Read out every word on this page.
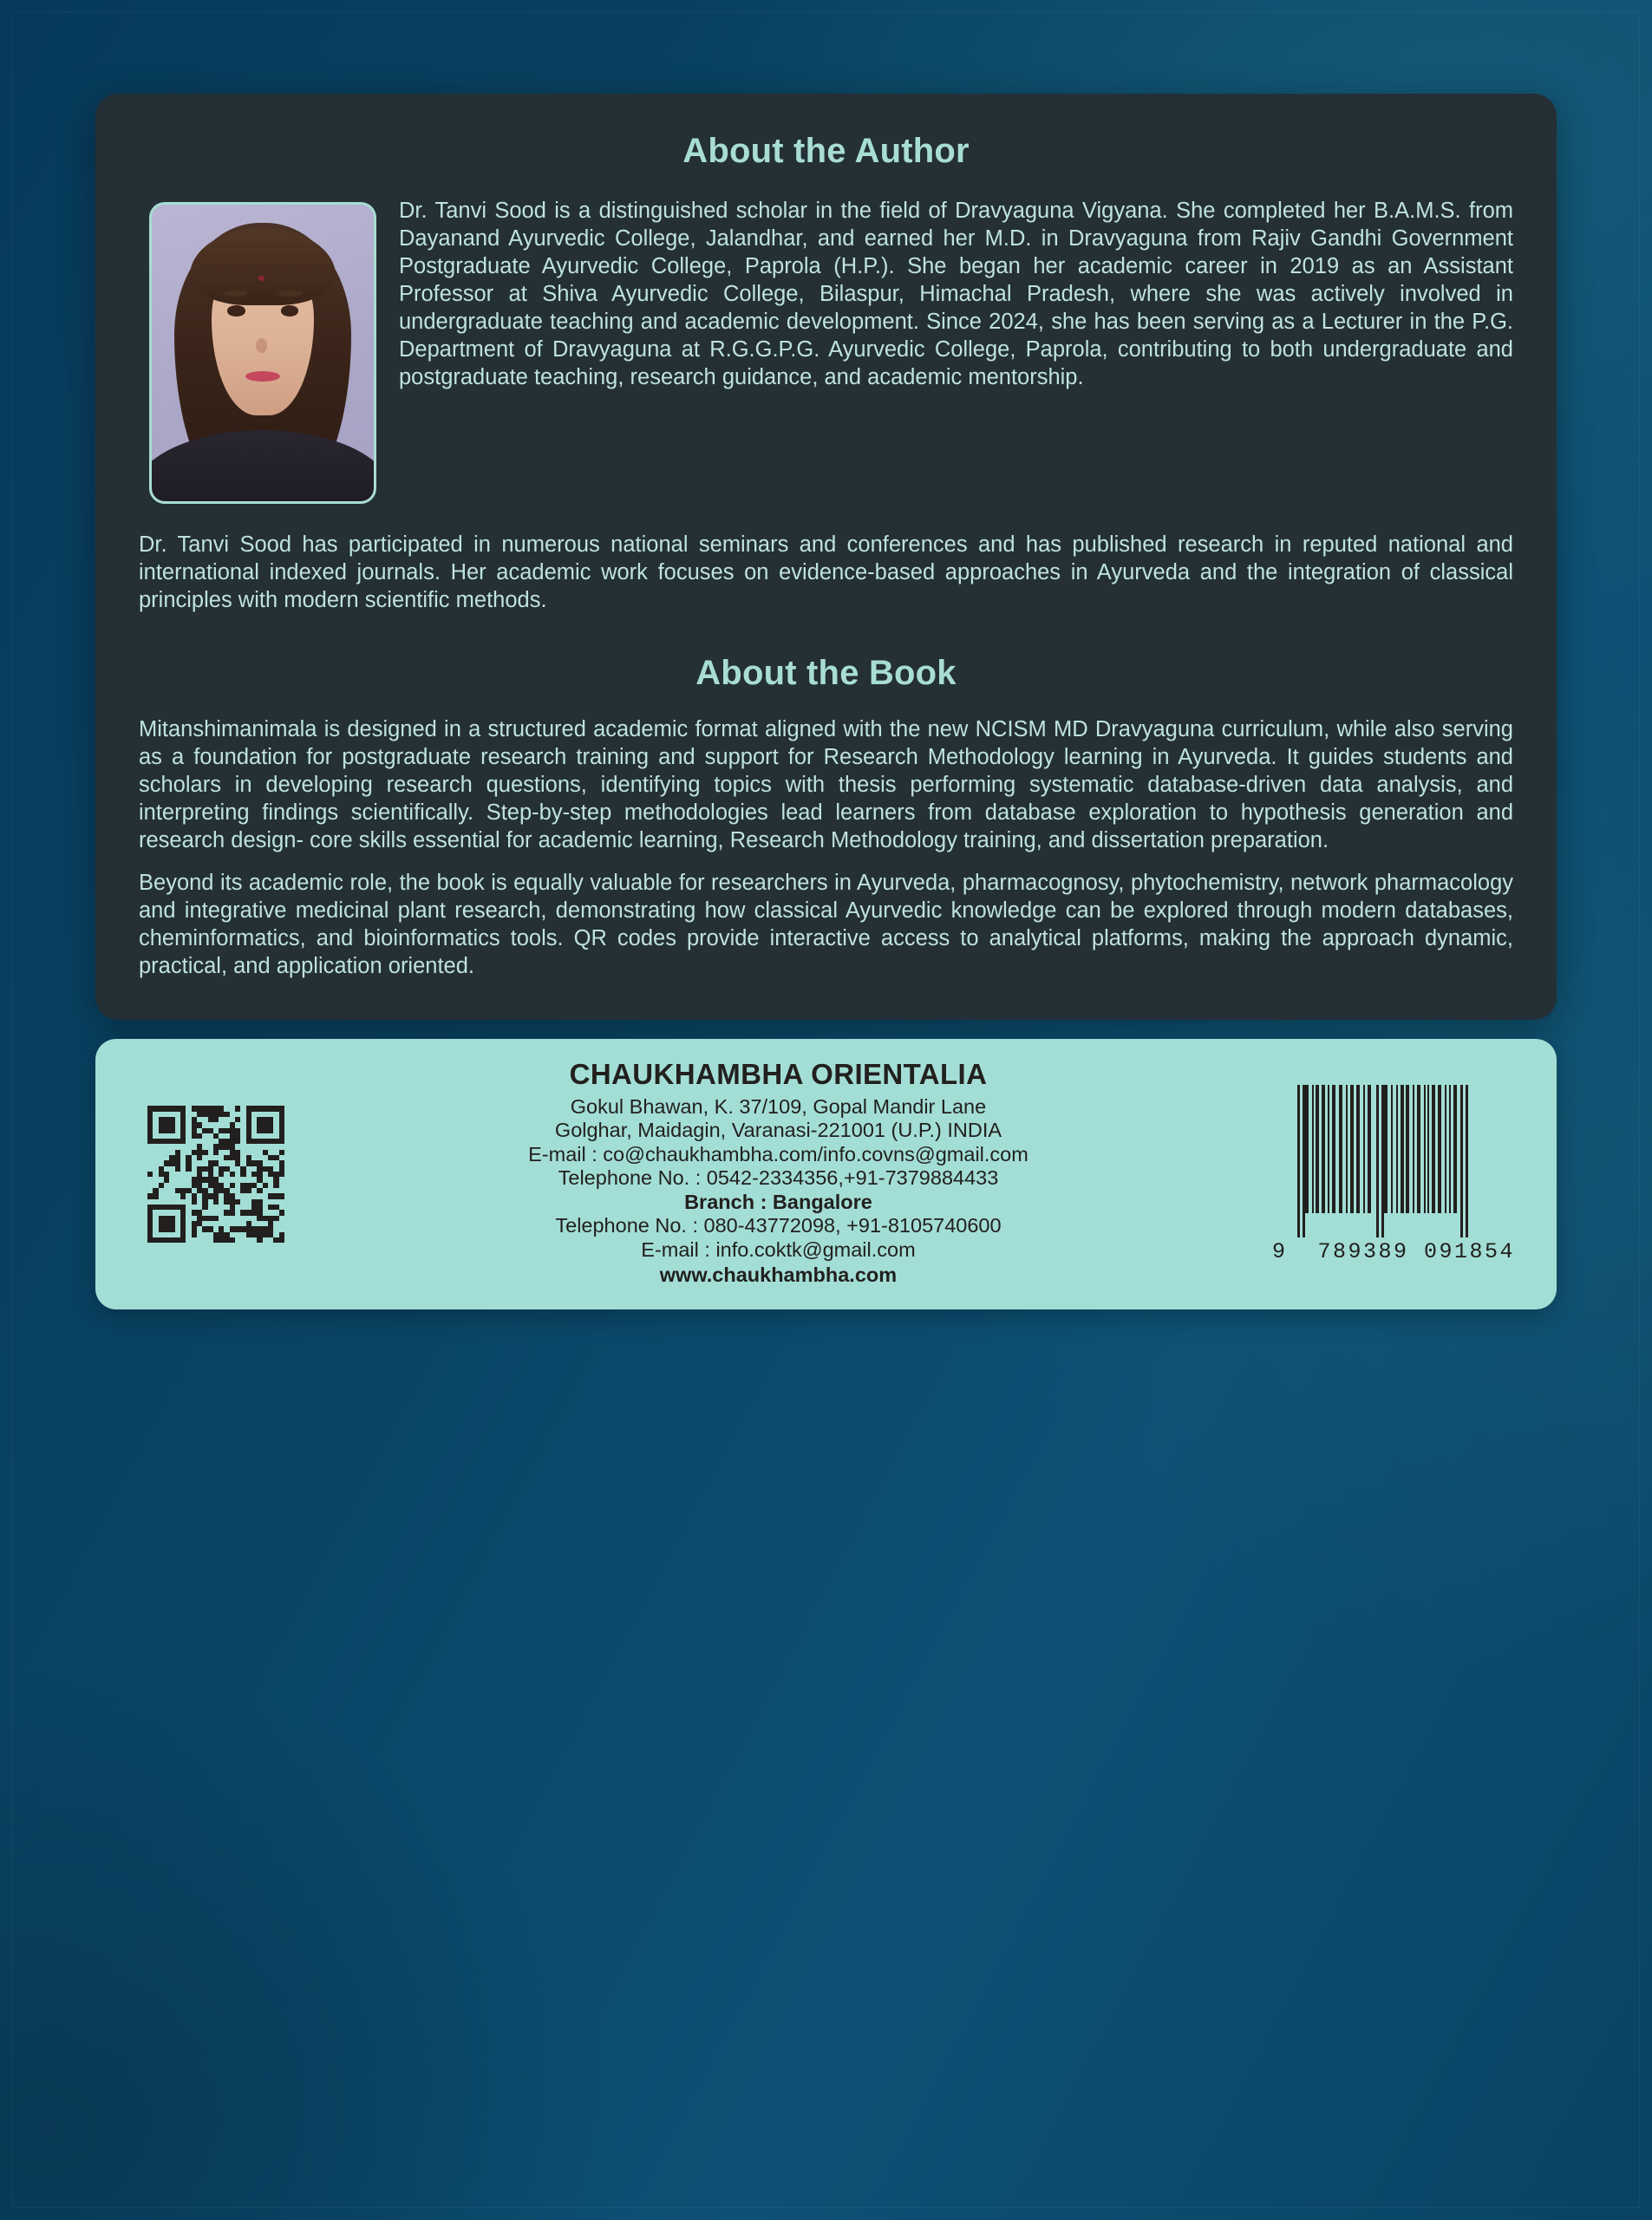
About the Author

Dr. Tanvi Sood is a distinguished scholar in the field of Dravyaguna Vigyana. She completed her B.A.M.S. from Dayanand Ayurvedic College, Jalandhar, and earned her M.D. in Dravyaguna from Rajiv Gandhi Government Postgraduate Ayurvedic College, Paprola (H.P.). She began her academic career in 2019 as an Assistant Professor at Shiva Ayurvedic College, Bilaspur, Himachal Pradesh, where she was actively involved in undergraduate teaching and academic development. Since 2024, she has been serving as a Lecturer in the P.G. Department of Dravyaguna at R.G.G.P.G. Ayurvedic College, Paprola, contributing to both undergraduate and postgraduate teaching, research guidance, and academic mentorship.

Dr. Tanvi Sood has participated in numerous national seminars and conferences and has published research in reputed national and international indexed journals. Her academic work focuses on evidence-based approaches in Ayurveda and the integration of classical principles with modern scientific methods.

About the Book

Mitanshimanimala is designed in a structured academic format aligned with the new NCISM MD Dravyaguna curriculum, while also serving as a foundation for postgraduate research training and support for Research Methodology learning in Ayurveda. It guides students and scholars in developing research questions, identifying topics with thesis performing systematic database-driven data analysis, and interpreting findings scientifically. Step-by-step methodologies lead learners from database exploration to hypothesis generation and research design- core skills essential for academic learning, Research Methodology training, and dissertation preparation.

Beyond its academic role, the book is equally valuable for researchers in Ayurveda, pharmacognosy, phytochemistry, network pharmacology and integrative medicinal plant research, demonstrating how classical Ayurvedic knowledge can be explored through modern databases, cheminformatics, and bioinformatics tools. QR codes provide interactive access to analytical platforms, making the approach dynamic, practical, and application oriented.

CHAUKHAMBHA ORIENTALIA
Gokul Bhawan, K. 37/109, Gopal Mandir Lane
Golghar, Maidagin, Varanasi-221001 (U.P.) INDIA
E-mail : co@chaukhambha.com/info.covns@gmail.com
Telephone No. : 0542-2334356,+91-7379884433
Branch : Bangalore
Telephone No. : 080-43772098, +91-8105740600
E-mail : info.coktk@gmail.com
www.chaukhambha.com
9  789389 091854
